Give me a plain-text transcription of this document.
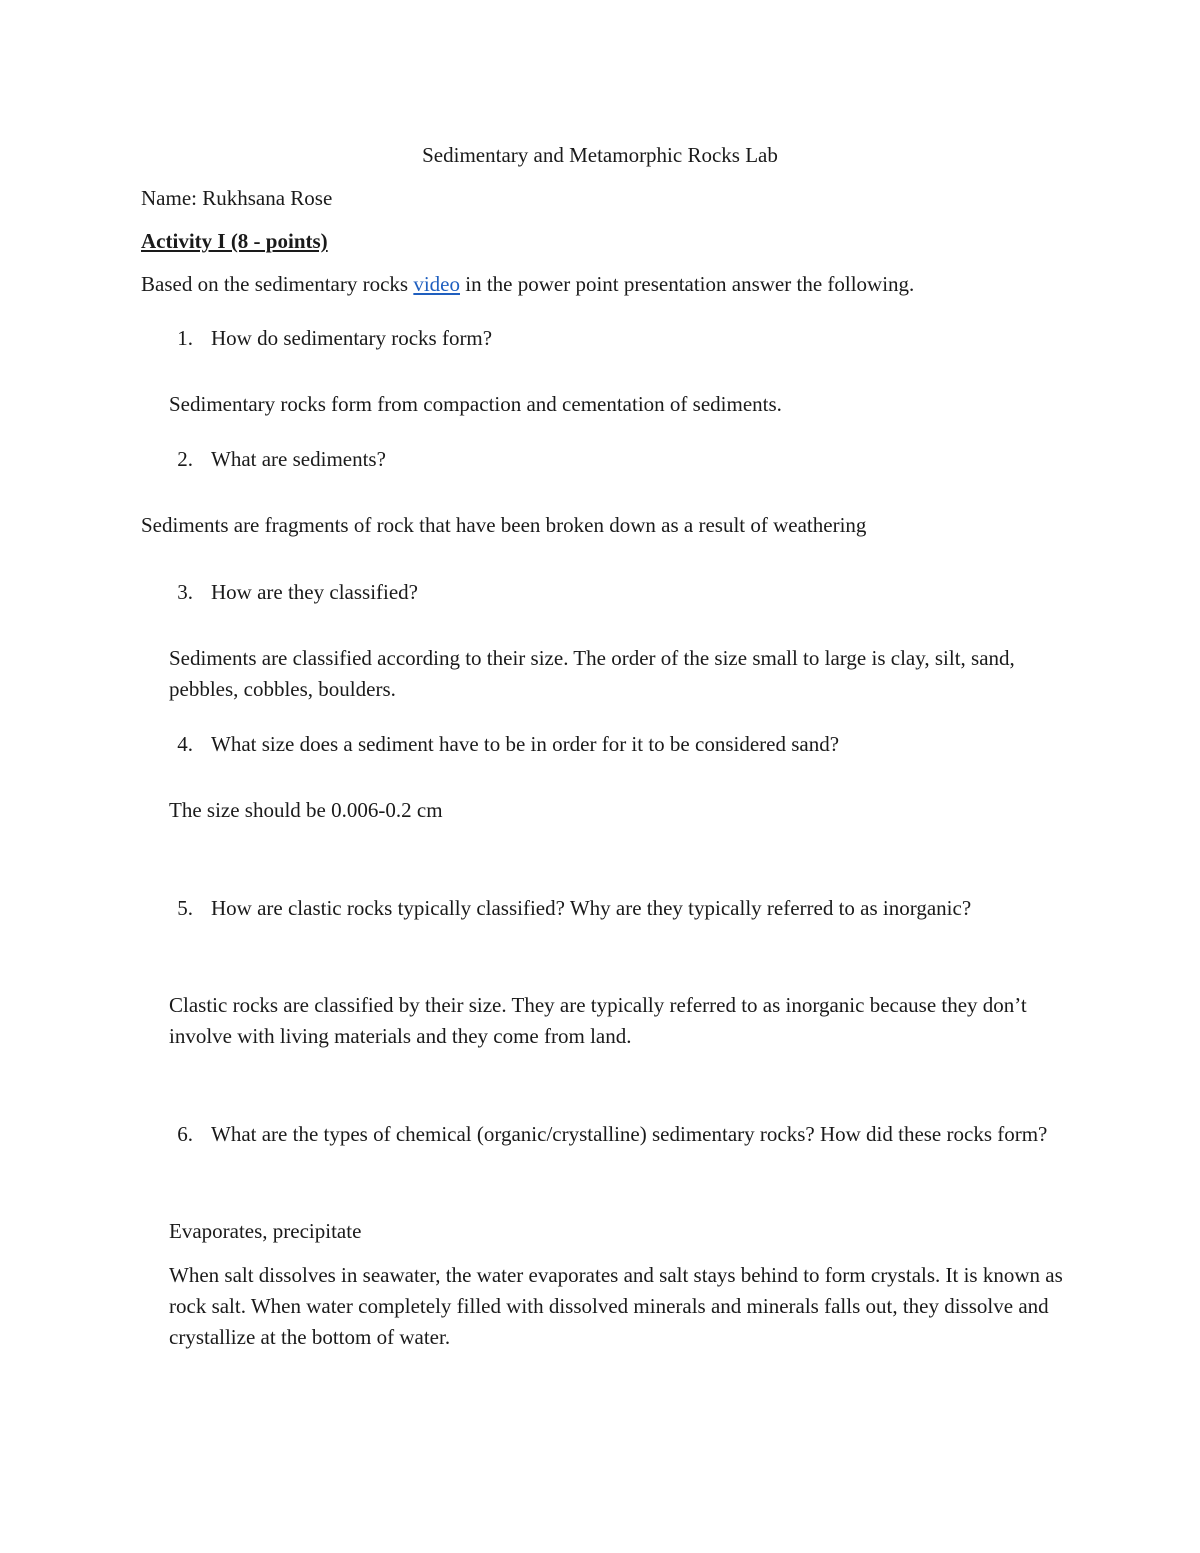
Sedimentary and Metamorphic Rocks Lab
Name: Rukhsana Rose
Activity I (8 - points)
Based on the sedimentary rocks video in the power point presentation answer the following.
1. How do sedimentary rocks form?
Sedimentary rocks form from compaction and cementation of sediments.
2. What are sediments?
Sediments are fragments of rock that have been broken down as a result of weathering
3. How are they classified?
Sediments are classified according to their size. The order of the size small to large is clay, silt, sand, pebbles, cobbles, boulders.
4. What size does a sediment have to be in order for it to be considered sand?
The size should be 0.006-0.2 cm
5. How are clastic rocks typically classified? Why are they typically referred to as inorganic?
Clastic rocks are classified by their size. They are typically referred to as inorganic because they don’t involve with living materials and they come from land.
6. What are the types of chemical (organic/crystalline) sedimentary rocks? How did these rocks form?
Evaporates, precipitate
When salt dissolves in seawater, the water evaporates and salt stays behind to form crystals. It is known as rock salt. When water completely filled with dissolved minerals and minerals falls out, they dissolve and crystallize at the bottom of water.
